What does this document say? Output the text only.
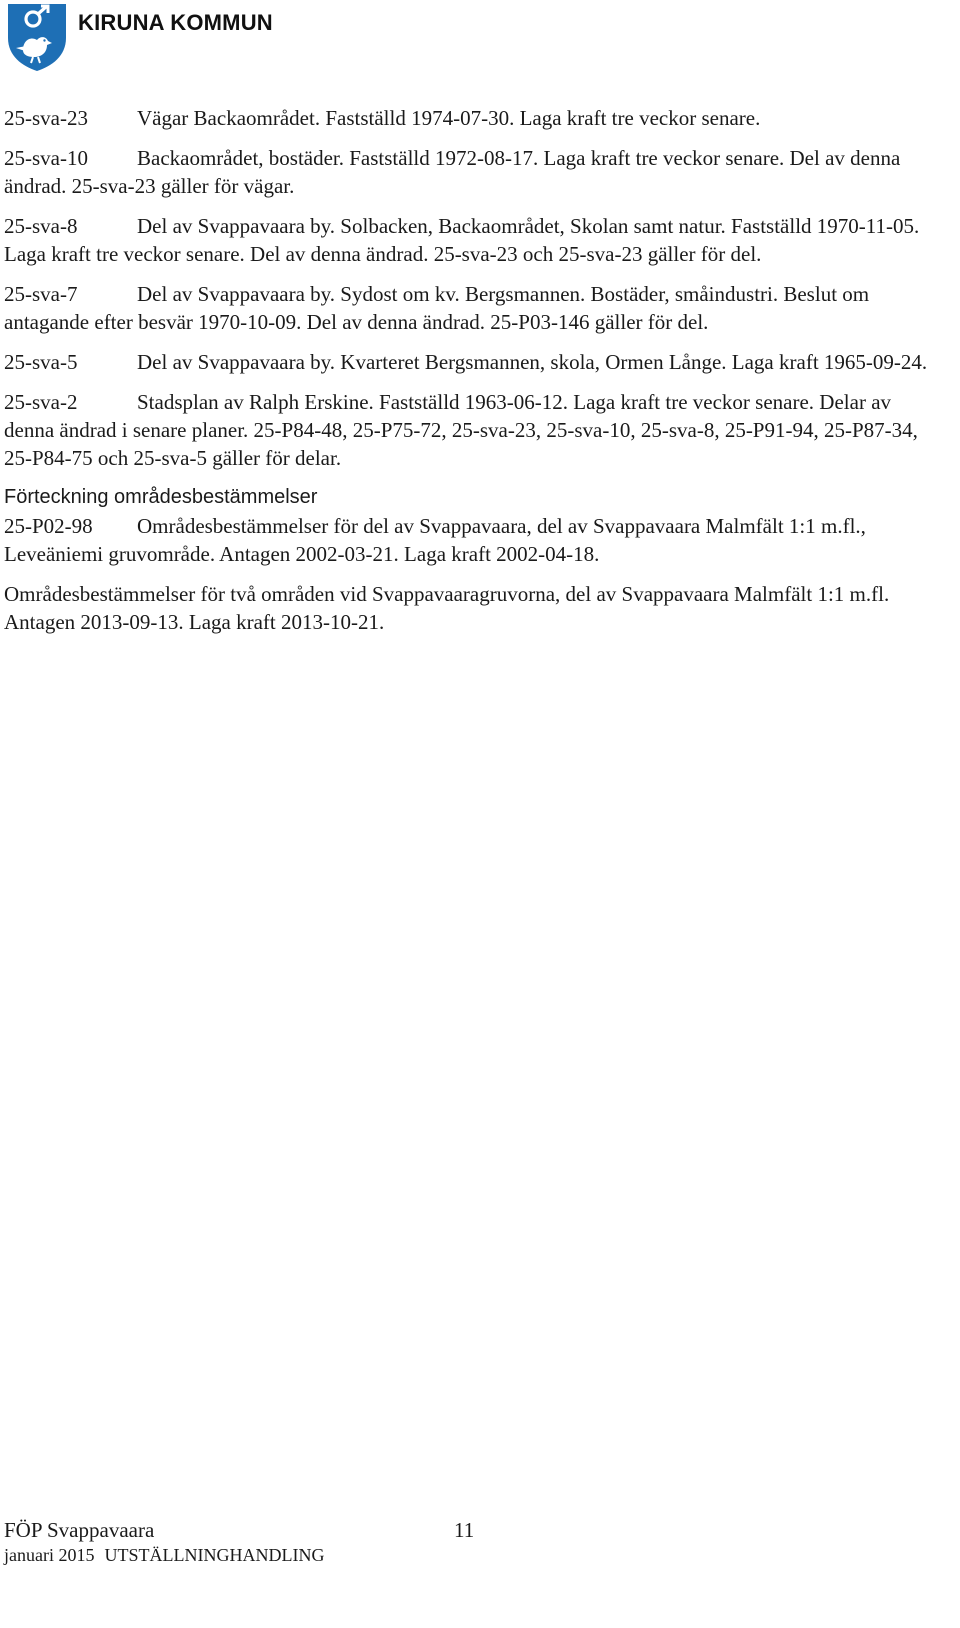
KIRUNA KOMMUN

25-sva-23 Vägar Backaområdet. Fastställd 1974-07-30. Laga kraft tre veckor senare.

25-sva-10 Backaområdet, bostäder. Fastställd 1972-08-17. Laga kraft tre veckor senare. Del av denna ändrad. 25-sva-23 gäller för vägar.

25-sva-8	Del av Svappavaara by. Solbacken, Backaområdet, Skolan samt natur. Fastställd 1970-11-05. Laga kraft tre veckor senare. Del av denna ändrad. 25-sva-23 och 25-sva-23 gäller för del.

25-sva-7	Del av Svappavaara by. Sydost om kv. Bergsmannen. Bostäder, småindustri. Beslut om antagande efter besvär 1970-10-09. Del av denna ändrad. 25-P03-146 gäller för del.

25-sva-5	Del av Svappavaara by. Kvarteret Bergsmannen, skola, Ormen Långe. Laga kraft 1965-09-24.

25-sva-2	Stadsplan av Ralph Erskine. Fastställd 1963-06-12. Laga kraft tre veckor senare. Delar av denna ändrad i senare planer. 25-P84-48, 25-P75-72, 25-sva-23, 25-sva-10, 25-sva-8, 25-P91-94, 25-P87-34, 25-P84-75 och 25-sva-5 gäller för delar.

Förteckning områdesbestämmelser

25-P02-98 Områdesbestämmelser för del av Svappavaara, del av Svappavaara Malmfält 1:1 m.fl., Leveäniemi gruvområde. Antagen 2002-03-21. Laga kraft 2002-04-18.

Områdesbestämmelser för två områden vid Svappavaaragruvorna, del av Svappavaara Malmfält 1:1 m.fl. Antagen 2013-09-13. Laga kraft 2013-10-21.

FÖP Svappavaara	11
januari 2015 UTSTÄLLNINGHANDLING
